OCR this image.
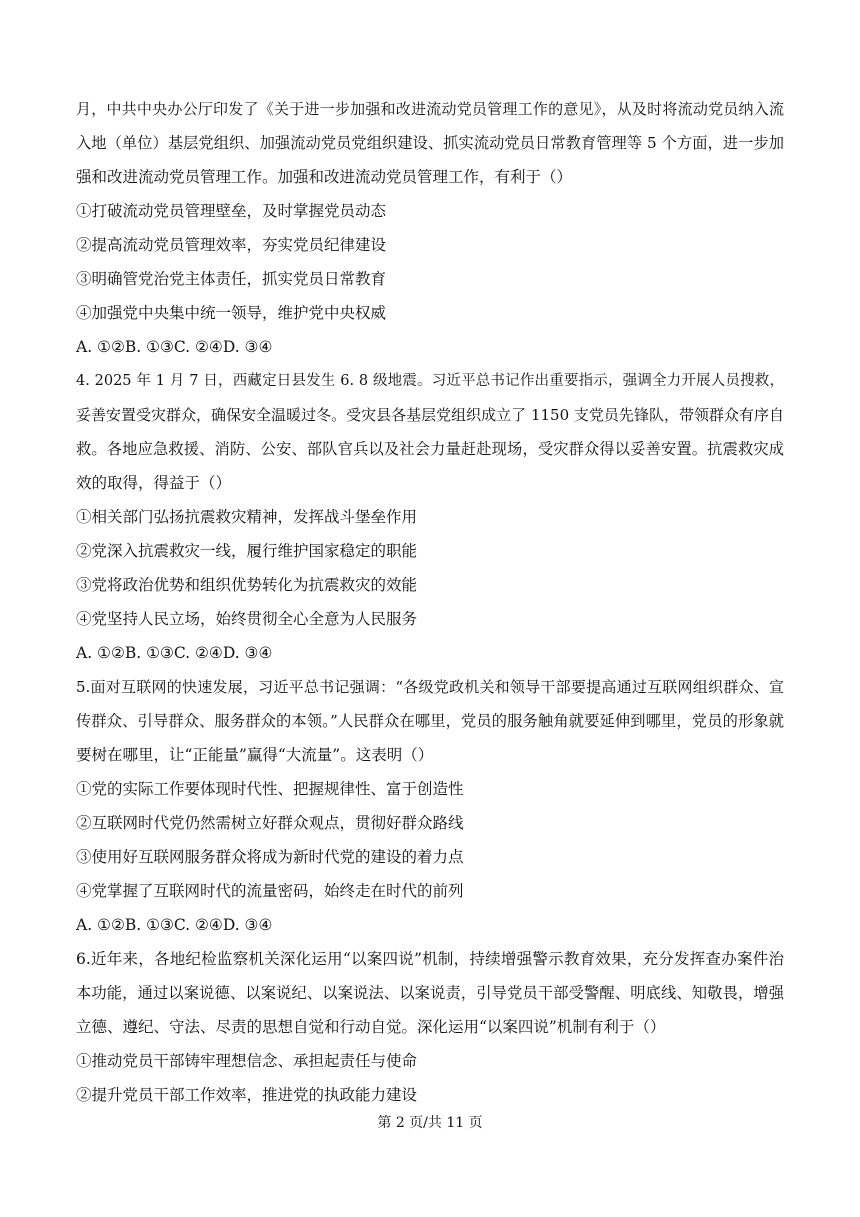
月，中共中央办公厅印发了《关于进一步加强和改进流动党员管理工作的意见》，从及时将流动党员纳入流
入地（单位）基层党组织、加强流动党员党组织建设、抓实流动党员日常教育管理等 5 个方面，进一步加
强和改进流动党员管理工作。加强和改进流动党员管理工作，有利于（）
①打破流动党员管理壁垒，及时掌握党员动态
②提高流动党员管理效率，夯实党员纪律建设
③明确管党治党主体责任，抓实党员日常教育
④加强党中央集中统一领导，维护党中央权威
A. ①②B. ①③C. ②④D. ③④
4. 2025 年 1 月 7 日，西藏定日县发生 6. 8 级地震。习近平总书记作出重要指示，强调全力开展人员搜救，
妥善安置受灾群众，确保安全温暖过冬。受灾县各基层党组织成立了 1150 支党员先锋队，带领群众有序自
救。各地应急救援、消防、公安、部队官兵以及社会力量赶赴现场，受灾群众得以妥善安置。抗震救灾成
效的取得，得益于（）
①相关部门弘扬抗震救灾精神，发挥战斗堡垒作用
②党深入抗震救灾一线，履行维护国家稳定的职能
③党将政治优势和组织优势转化为抗震救灾的效能
④党坚持人民立场，始终贯彻全心全意为人民服务
A. ①②B. ①③C. ②④D. ③④
5.面对互联网的快速发展，习近平总书记强调：“各级党政机关和领导干部要提高通过互联网组织群众、宣
传群众、引导群众、服务群众的本领。”人民群众在哪里，党员的服务触角就要延伸到哪里，党员的形象就
要树在哪里，让“正能量”赢得“大流量”。这表明（）
①党的实际工作要体现时代性、把握规律性、富于创造性
②互联网时代党仍然需树立好群众观点，贯彻好群众路线
③使用好互联网服务群众将成为新时代党的建设的着力点
④党掌握了互联网时代的流量密码，始终走在时代的前列
A. ①②B. ①③C. ②④D. ③④
6.近年来，各地纪检监察机关深化运用“以案四说”机制，持续增强警示教育效果，充分发挥查办案件治
本功能，通过以案说德、以案说纪、以案说法、以案说责，引导党员干部受警醒、明底线、知敬畏，增强
立德、遵纪、守法、尽责的思想自觉和行动自觉。深化运用“以案四说”机制有利于（）
①推动党员干部铸牢理想信念、承担起责任与使命
②提升党员干部工作效率，推进党的执政能力建设
第 2 页/共 11 页
